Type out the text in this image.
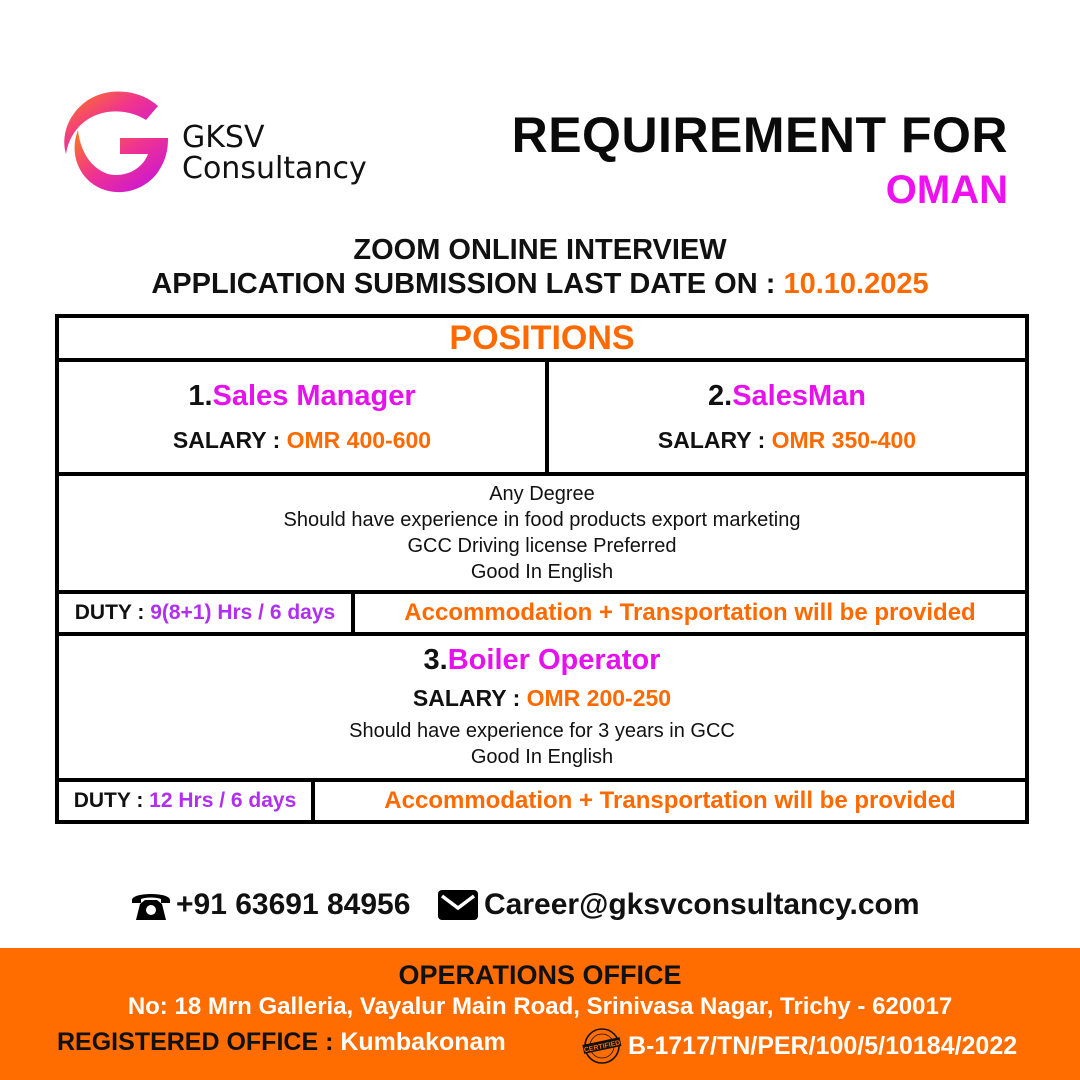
GKSV
Consultancy
REQUIREMENT FOR
OMAN
ZOOM ONLINE INTERVIEW
APPLICATION SUBMISSION LAST DATE ON : 10.10.2025
POSITIONS
1.Sales Manager
SALARY : OMR 400-600
2.SalesMan
SALARY : OMR 350-400
Any Degree
Should have experience in food products export marketing
GCC Driving license Preferred
Good In English
DUTY : 9(8+1) Hrs / 6 days	Accommodation + Transportation will be provided
3.Boiler Operator
SALARY : OMR 200-250
Should have experience for 3 years in GCC
Good In English
DUTY : 12 Hrs / 6 days	Accommodation + Transportation will be provided
+91 63691 84956 Career@gksvconsultancy.com
OPERATIONS OFFICE
No: 18 Mrn Galleria, Vayalur Main Road, Srinivasa Nagar, Trichy - 620017
REGISTERED OFFICE : Kumbakonam	CERTIFIED B-1717/TN/PER/100/5/10184/2022
